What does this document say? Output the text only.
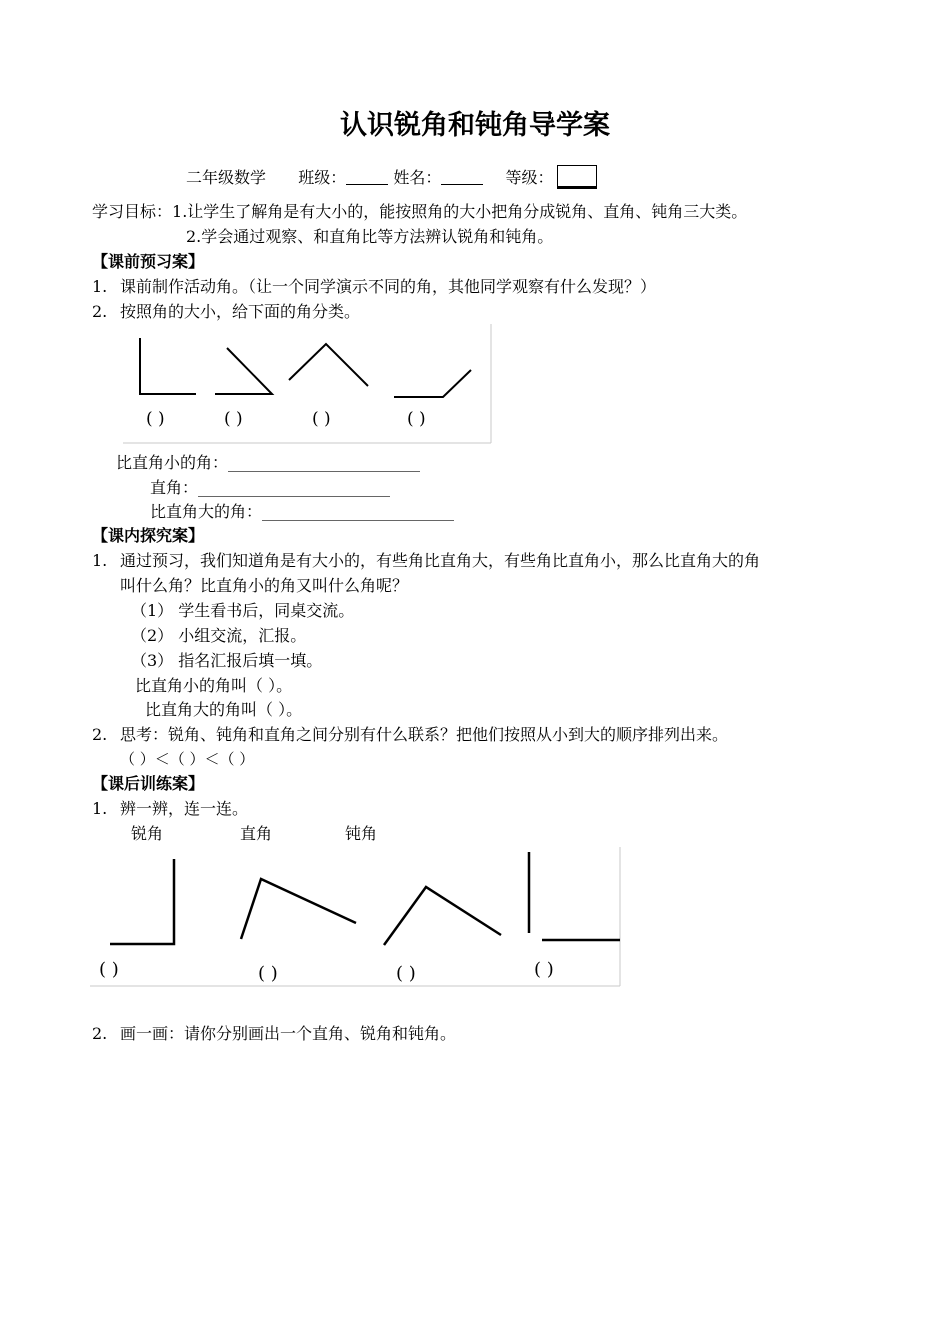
认识锐角和钝角导学案
二年级数学 班级：	姓名：	等级：
学习目标：1.让学生了解角是有大小的，能按照角的大小把角分成锐角、直角、钝角三大类。
2.学会通过观察、和直角比等方法辨认锐角和钝角。
【课前预习案】
1. 课前制作活动角。（让一个同学演示不同的角，其他同学观察有什么发现？）
2. 按照角的大小，给下面的角分类。
( )	( )	( )	( )
比直角小的角：________________________
直角：________________________
比直角大的角：________________________
【课内探究案】
1. 通过预习，我们知道角是有大小的，有些角比直角大，有些角比直角小，那么比直角大的角
叫什么角？比直角小的角又叫什么角呢？
（1） 学生看书后，同桌交流。
（2） 小组交流，汇报。
（3） 指名汇报后填一填。
比直角小的角叫（ ）。
比直角大的角叫（ ）。
2. 思考：锐角、钝角和直角之间分别有什么联系？把他们按照从小到大的顺序排列出来。
（ ）＜（ ）＜（ ）
【课后训练案】
1. 辨一辨，连一连。
锐角	直角	钝角
( )	( )	( )	( )
2. 画一画：请你分别画出一个直角、锐角和钝角。
